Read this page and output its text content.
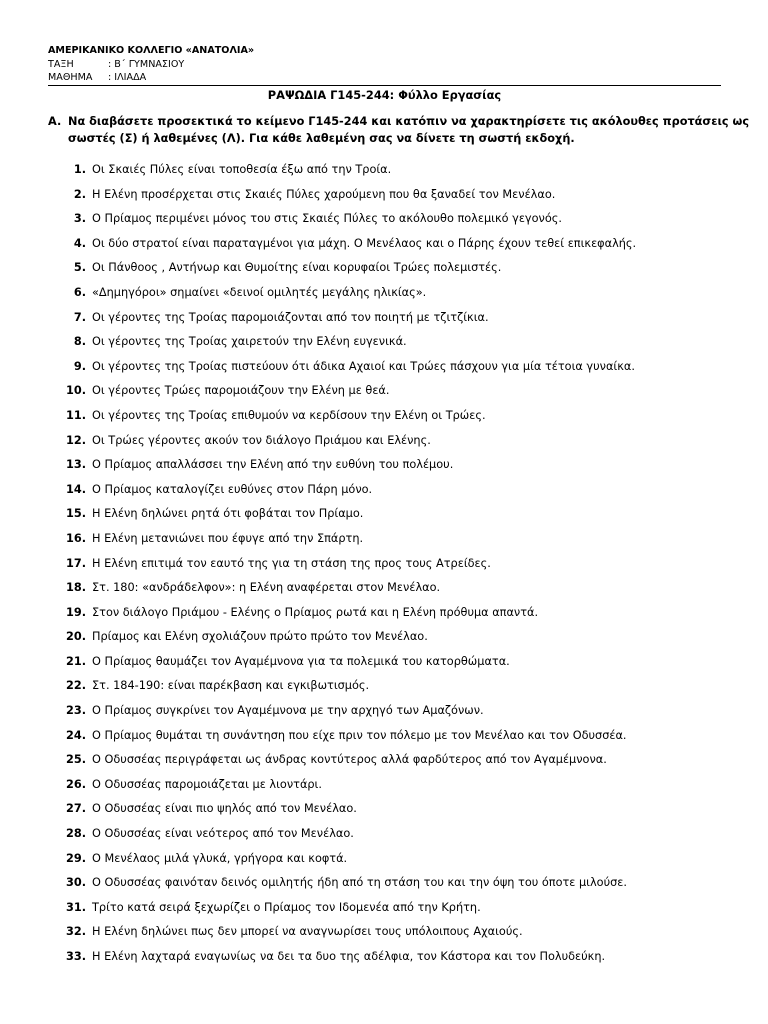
ΑΜΕΡΙΚΑΝΙΚΟ ΚΟΛΛΕΓΙΟ «ΑΝΑΤΟΛΙΑ»
ΤΑΞΗ	: Β΄ ΓΥΜΝΑΣΙΟΥ
ΜΑΘΗΜΑ	: ΙΛΙΑΔΑ
ΡΑΨΩΔΙΑ Γ145-244: Φύλλο Εργασίας
A. Να διαβάσετε προσεκτικά το κείμενο Γ145-244 και κατόπιν να χαρακτηρίσετε τις ακόλουθες προτάσεις ως
σωστές (Σ) ή λαθεμένες (Λ). Για κάθε λαθεμένη σας να δίνετε τη σωστή εκδοχή.
1. Οι Σκαιές Πύλες είναι τοποθεσία έξω από την Τροία.
2. Η Ελένη προσέρχεται στις Σκαιές Πύλες χαρούμενη που θα ξαναδεί τον Μενέλαο.
3. Ο Πρίαμος περιμένει μόνος του στις Σκαιές Πύλες το ακόλουθο πολεμικό γεγονός.
4. Οι δύο στρατοί είναι παραταγμένοι για μάχη. Ο Μενέλαος και ο Πάρης έχουν τεθεί επικεφαλής.
5. Οι Πάνθοος , Αντήνωρ και Θυμοίτης είναι κορυφαίοι Τρώες πολεμιστές.
6. «Δημηγόροι» σημαίνει «δεινοί ομιλητές μεγάλης ηλικίας».
7. Οι γέροντες της Τροίας παρομοιάζονται από τον ποιητή με τζιτζίκια.
8. Οι γέροντες της Τροίας χαιρετούν την Ελένη ευγενικά.
9. Οι γέροντες της Τροίας πιστεύουν ότι άδικα Αχαιοί και Τρώες πάσχουν για μία τέτοια γυναίκα.
10. Οι γέροντες Τρώες παρομοιάζουν την Ελένη με θεά.
11. Οι γέροντες της Τροίας επιθυμούν να κερδίσουν την Ελένη οι Τρώες.
12. Οι Τρώες γέροντες ακούν τον διάλογο Πριάμου και Ελένης.
13. Ο Πρίαμος απαλλάσσει την Ελένη από την ευθύνη του πολέμου.
14. Ο Πρίαμος καταλογίζει ευθύνες στον Πάρη μόνο.
15. Η Ελένη δηλώνει ρητά ότι φοβάται τον Πρίαμο.
16. Η Ελένη μετανιώνει που έφυγε από την Σπάρτη.
17. Η Ελένη επιτιμά τον εαυτό της για τη στάση της προς τους Ατρείδες.
18. Στ. 180: «ανδράδελφον»: η Ελένη αναφέρεται στον Μενέλαο.
19. Στον διάλογο Πριάμου - Ελένης ο Πρίαμος ρωτά και η Ελένη πρόθυμα απαντά.
20. Πρίαμος και Ελένη σχολιάζουν πρώτο πρώτο τον Μενέλαο.
21. Ο Πρίαμος θαυμάζει τον Αγαμέμνονα για τα πολεμικά του κατορθώματα.
22. Στ. 184-190: είναι παρέκβαση και εγκιβωτισμός.
23. Ο Πρίαμος συγκρίνει τον Αγαμέμνονα με την αρχηγό των Αμαζόνων.
24. Ο Πρίαμος θυμάται τη συνάντηση που είχε πριν τον πόλεμο με τον Μενέλαο και τον Οδυσσέα.
25. Ο Οδυσσέας περιγράφεται ως άνδρας κοντύτερος αλλά φαρδύτερος από τον Αγαμέμνονα.
26. Ο Οδυσσέας παρομοιάζεται με λιοντάρι.
27. Ο Οδυσσέας είναι πιο ψηλός από τον Μενέλαο.
28. Ο Οδυσσέας είναι νεότερος από τον Μενέλαο.
29. Ο Μενέλαος μιλά γλυκά, γρήγορα και κοφτά.
30. Ο Οδυσσέας φαινόταν δεινός ομιλητής ήδη από τη στάση του και την όψη του όποτε μιλούσε.
31. Τρίτο κατά σειρά ξεχωρίζει ο Πρίαμος τον Ιδομενέα από την Κρήτη.
32. Η Ελένη δηλώνει πως δεν μπορεί να αναγνωρίσει τους υπόλοιπους Αχαιούς.
33. Η Ελένη λαχταρά εναγωνίως να δει τα δυο της αδέλφια, τον Κάστορα και τον Πολυδεύκη.
